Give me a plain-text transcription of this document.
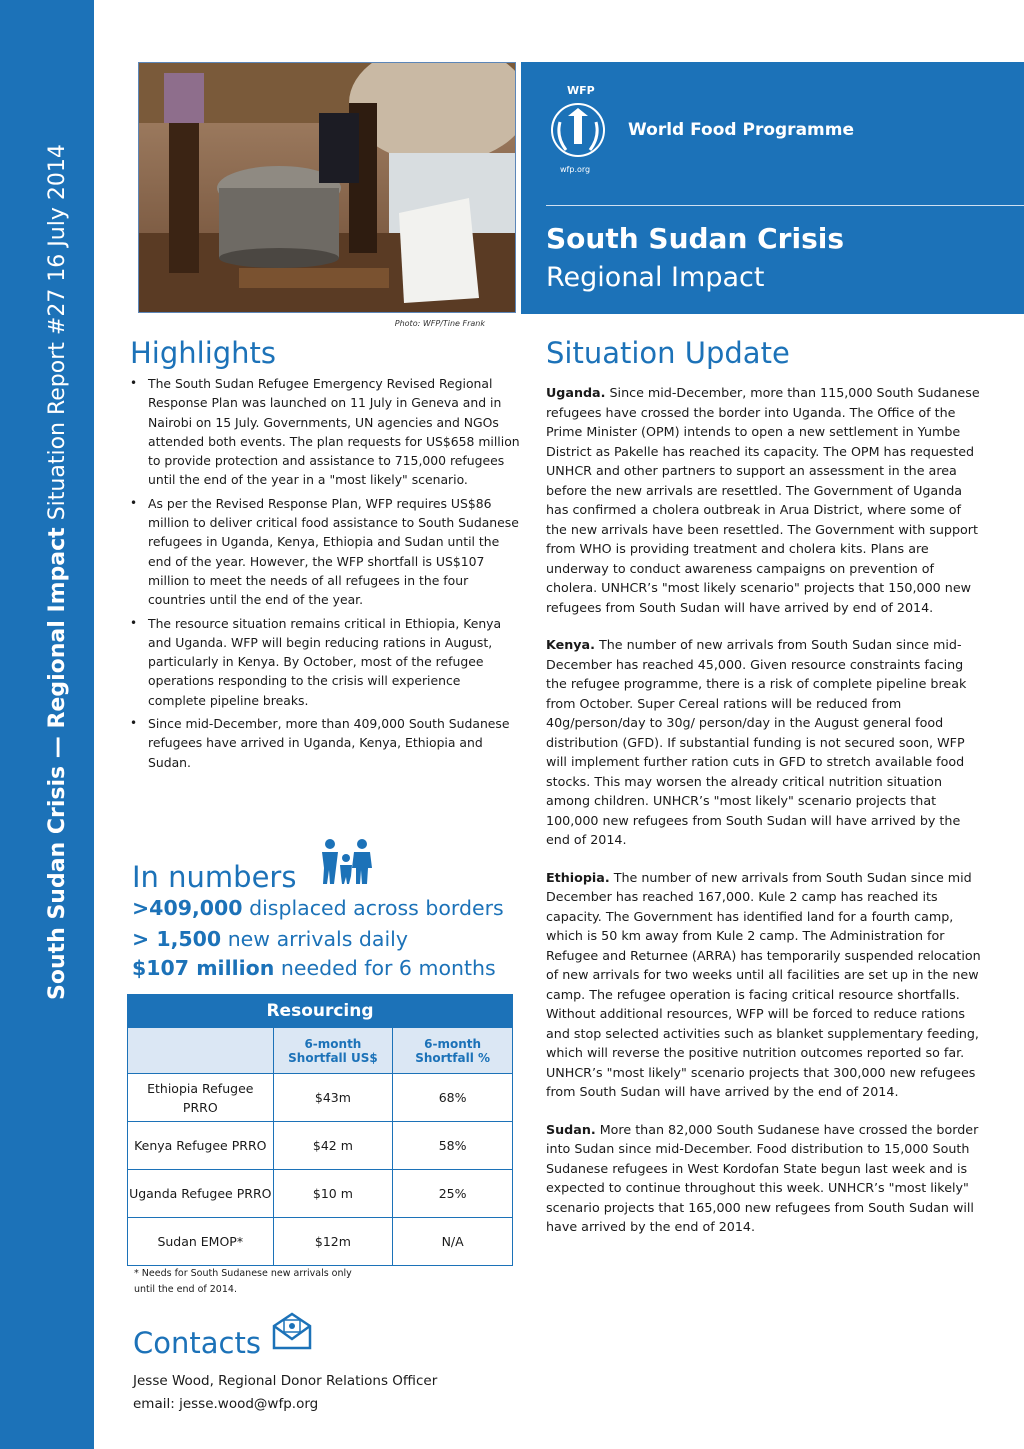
South Sudan Crisis — Regional Impact Situation Report #27 16 July 2014	Photo: WFP/Tine Frank
WFP
World Food Programme
wfp.org
South Sudan Crisis
Regional Impact
Highlights
• The South Sudan Refugee Emergency Revised Regional Response Plan was launched on 11 July in Geneva and in Nairobi on 15 July. Governments, UN agencies and NGOs attended both events. The plan requests for US$658 million to provide protection and assistance to 715,000 refugees until the end of the year in a "most likely" scenario.
• As per the Revised Response Plan, WFP requires US$86 million to deliver critical food assistance to South Sudanese refugees in Uganda, Kenya, Ethiopia and Sudan until the end of the year. However, the WFP shortfall is US$107 million to meet the needs of all refugees in the four countries until the end of the year.
• The resource situation remains critical in Ethiopia, Kenya and Uganda. WFP will begin reducing rations in August, particularly in Kenya. By October, most of the refugee operations responding to the crisis will experience complete pipeline breaks.
• Since mid-December, more than 409,000 South Sudanese refugees have arrived in Uganda, Kenya, Ethiopia and Sudan.
In numbers
>409,000 displaced across borders
> 1,500 new arrivals daily
$107 million needed for 6 months
Resourcing		
	6-month Shortfall US$	6-month Shortfall %
Ethiopia Refugee PRRO	$43m	68%
Kenya Refugee PRRO	$42 m	58%
Uganda Refugee PRRO	$10 m	25%
Sudan EMOP*	$12m	N/A
* Needs for South Sudanese new arrivals only until the end of 2014.
Contacts
Jesse Wood, Regional Donor Relations Officer
email: jesse.wood@wfp.org
Situation Update

Uganda. Since mid-December, more than 115,000 South Sudanese refugees have crossed the border into Uganda. The Office of the Prime Minister (OPM) intends to open a new settlement in Yumbe District as Pakelle has reached its capacity. The OPM has requested UNHCR and other partners to support an assessment in the area before the new arrivals are resettled. The Government of Uganda has confirmed a cholera outbreak in Arua District, where some of the new arrivals have been resettled. The Government with support from WHO is providing treatment and cholera kits. Plans are underway to conduct awareness campaigns on prevention of cholera. UNHCR’s "most likely scenario" projects that 150,000 new refugees from South Sudan will have arrived by end of 2014.

Kenya. The number of new arrivals from South Sudan since mid-December has reached 45,000. Given resource constraints facing the refugee programme, there is a risk of complete pipeline break from October. Super Cereal rations will be reduced from 40g/person/day to 30g/ person/day in the August general food distribution (GFD). If substantial funding is not secured soon, WFP will implement further ration cuts in GFD to stretch available food stocks. This may worsen the already critical nutrition situation among children. UNHCR’s "most likely" scenario projects that 100,000 new refugees from South Sudan will have arrived by the end of 2014.

Ethiopia. The number of new arrivals from South Sudan since mid December has reached 167,000. Kule 2 camp has reached its capacity. The Government has identified land for a fourth camp, which is 50 km away from Kule 2 camp. The Administration for Refugee and Returnee (ARRA) has temporarily suspended relocation of new arrivals for two weeks until all facilities are set up in the new camp. The refugee operation is facing critical resource shortfalls. Without additional resources, WFP will be forced to reduce rations and stop selected activities such as blanket supplementary feeding, which will reverse the positive nutrition outcomes reported so far. UNHCR’s "most likely" scenario projects that 300,000 new refugees from South Sudan will have arrived by the end of 2014.

Sudan. More than 82,000 South Sudanese have crossed the border into Sudan since mid-December. Food distribution to 15,000 South Sudanese refugees in West Kordofan State begun last week and is expected to continue throughout this week. UNHCR’s "most likely" scenario projects that 165,000 new refugees from South Sudan will have arrived by the end of 2014.
